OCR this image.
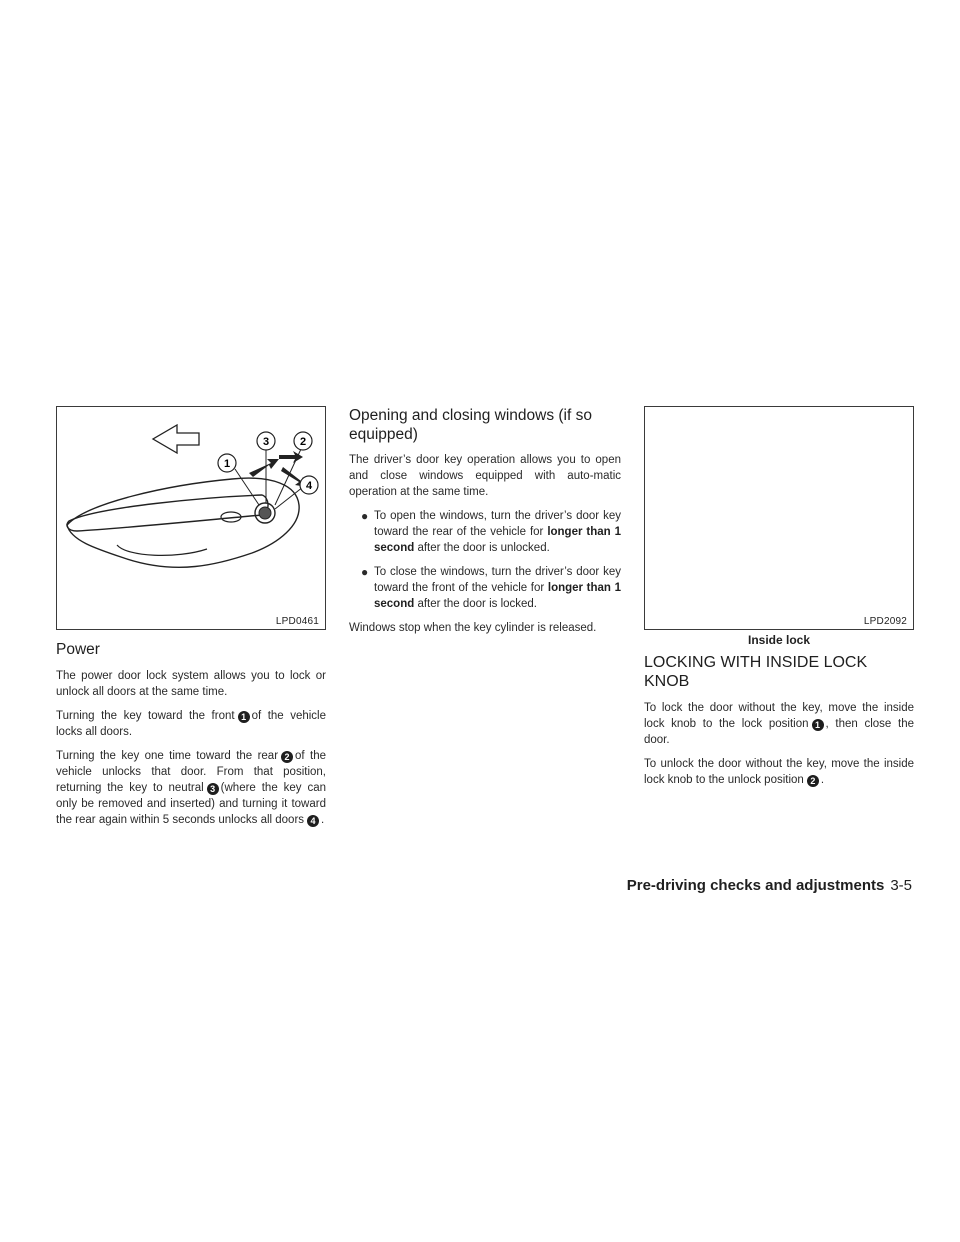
1
3	2
4
LPD0461
Power

The power door lock system allows you to lock or unlock all doors at the same time.

Turning the key toward the front 1 of the vehicle locks all doors.

Turning the key one time toward the rear 2 of the vehicle unlocks that door. From that position, returning the key to neutral 3 (where the key can only be removed and inserted) and turning it toward the rear again within 5 seconds unlocks all doors 4 .

Opening and closing windows (if so equipped)

The driver’s door key operation allows you to open and close windows equipped with auto-matic operation at the same time.

● To open the windows, turn the driver’s door key toward the rear of the vehicle for longer than 1 second after the door is unlocked.
● To close the windows, turn the driver’s door key toward the front of the vehicle for longer than 1 second after the door is locked.

Windows stop when the key cylinder is released.

LPD2092
Inside lock
LOCKING WITH INSIDE LOCK KNOB

To lock the door without the key, move the inside lock knob to the lock position 1 , then close the door.

To unlock the door without the key, move the inside lock knob to the unlock position 2 .

Pre-driving checks and adjustments 3-5
